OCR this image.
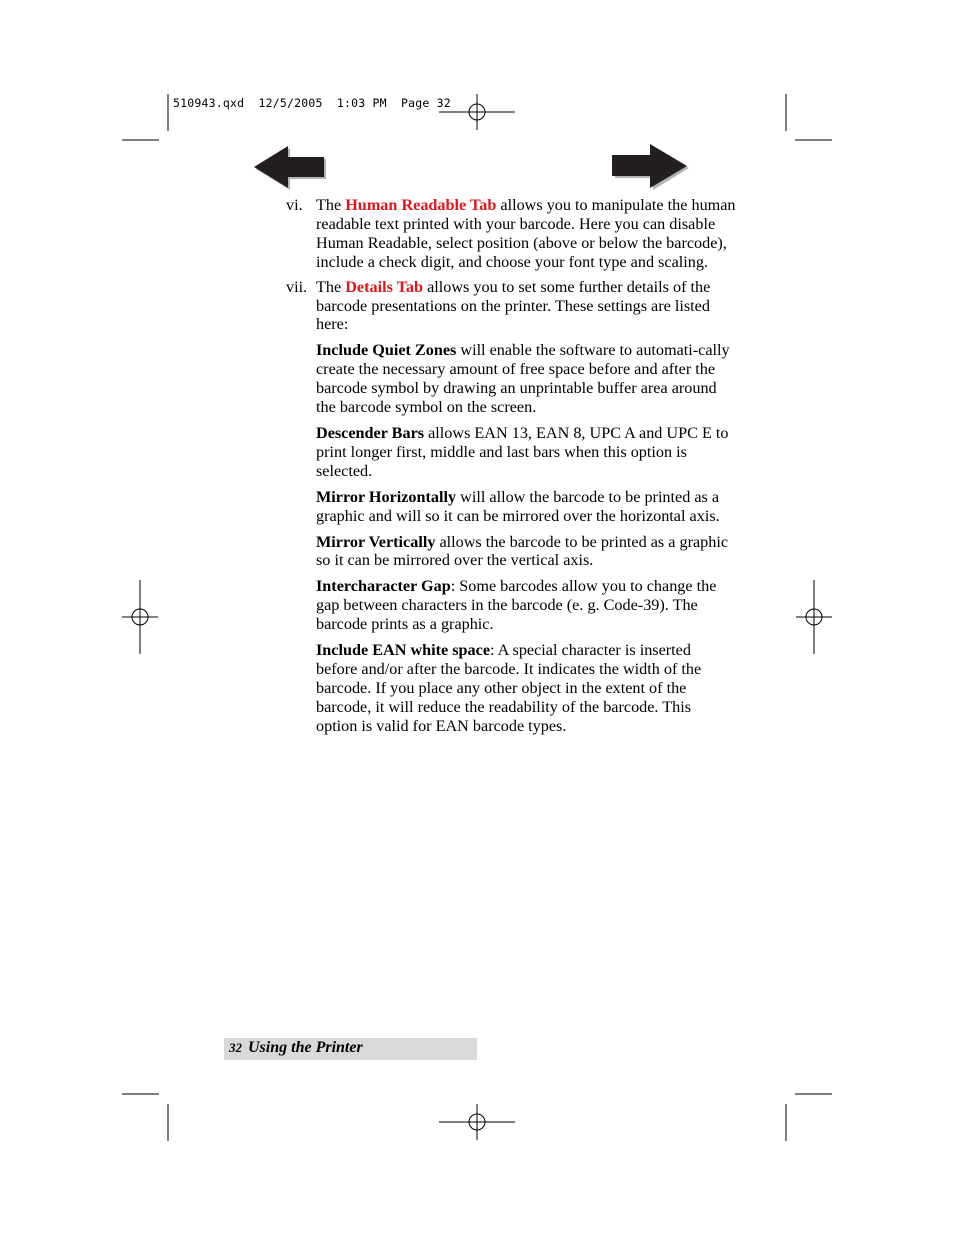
510943.qxd  12/5/2005  1:03 PM  Page 32
vi. The Human Readable Tab allows you to manipulate the human readable text printed with your barcode. Here you can disable Human Readable, select position (above or below the barcode), include a check digit, and choose your font type and scaling.
vii. The Details Tab allows you to set some further details of the barcode presentations on the printer. These settings are listed here:
Include Quiet Zones will enable the software to automati-cally create the necessary amount of free space before and after the barcode symbol by drawing an unprintable buffer area around the barcode symbol on the screen.
Descender Bars allows EAN 13, EAN 8, UPC A and UPC E to print longer first, middle and last bars when this option is selected.
Mirror Horizontally will allow the barcode to be printed as a graphic and will so it can be mirrored over the horizontal axis.
Mirror Vertically allows the barcode to be printed as a graphic so it can be mirrored over the vertical axis.
Intercharacter Gap: Some barcodes allow you to change the gap between characters in the barcode (e. g. Code-39). The barcode prints as a graphic.
Include EAN white space: A special character is inserted before and/or after the barcode. It indicates the width of the barcode. If you place any other object in the extent of the barcode, it will reduce the readability of the barcode. This option is valid for EAN barcode types.
32 Using the Printer
